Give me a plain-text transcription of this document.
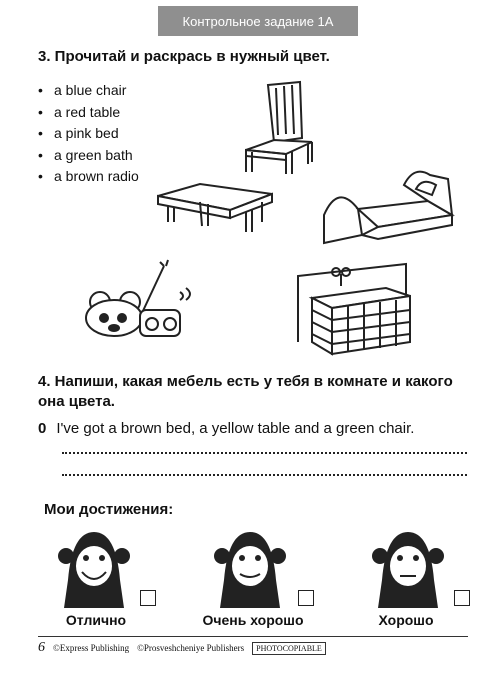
Контрольное задание 1А
3. Прочитай и раскрась в нужный цвет.
• a blue chair
• a red table
• a pink bed
• a green bath
• a brown radio
4. Напиши, какая мебель есть у тебя в комнате и какого она цвета.
0 I've got a brown bed, a yellow table and a green chair.
Мои достижения:
Отлично	Очень хорошо	Хорошо
6 ©Express Publishing ©Prosveshcheniye Publishers	PHOTOCOPIABLE
